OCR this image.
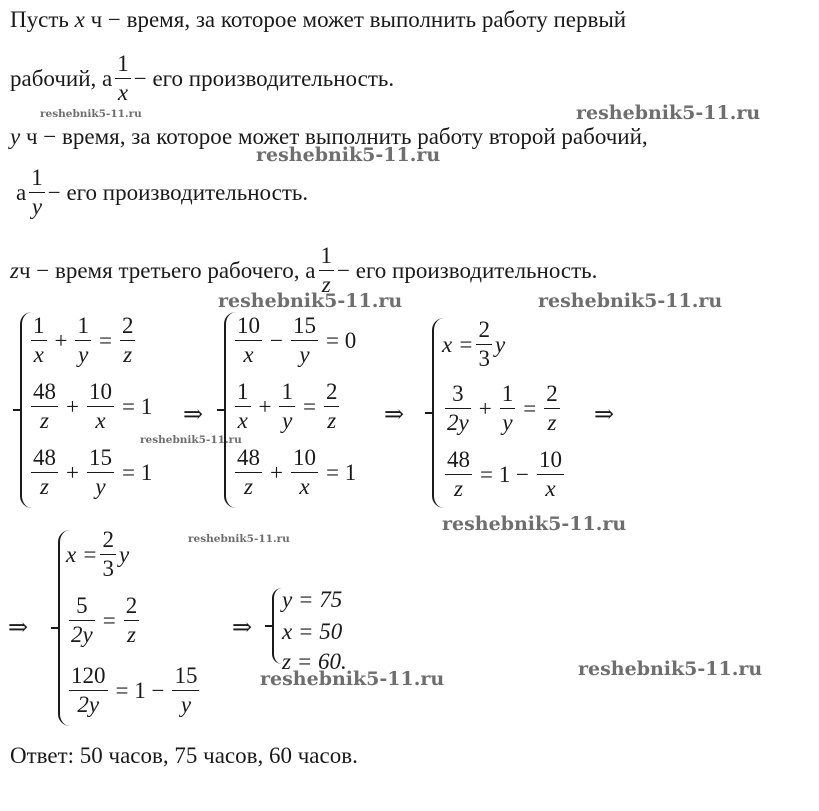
Пусть x ч − время, за которое может выполнить работу первый
рабочий, а $\frac{1}{x}$ − его производительность.
y ч − время, за которое может выполнить работу второй рабочий,
а $\frac{1}{y}$ − его производительность.
z ч − время третьего рабочего, а $\frac{1}{z}$ − его производительность.
$\frac{1}{x} + \frac{1}{y} = \frac{2}{z}$
$\frac{48}{z} + \frac{10}{x} = 1$
$\frac{48}{z} + \frac{15}{y} = 1$
⇒
$\frac{10}{x} - \frac{15}{y} = 0$
$\frac{1}{x} + \frac{1}{y} = \frac{2}{z}$
$\frac{48}{z} + \frac{10}{x} = 1$
⇒
$x = \frac{2}{3}$ y
$\frac{3}{2y} + \frac{1}{y} = \frac{2}{z}$
$\frac{48}{z} = 1 - \frac{10}{x}$
⇒
⇒
$x = \frac{2}{3}$ y
$\frac{5}{2y} = \frac{2}{z}$
$\frac{120}{2y} = 1 - \frac{15}{y}$
⇒
y = 75
x = 50
z = 60.
Ответ: 50 часов, 75 часов, 60 часов.
reshebnik5-11.ru	reshebnik5-11.ru
reshebnik5-11.ru
reshebnik5-11.ru	reshebnik5-11.ru
reshebnik5-11.ru
reshebnik5-11.ru
reshebnik5-11.ru
reshebnik5-11.ru
reshebnik5-11.ru
